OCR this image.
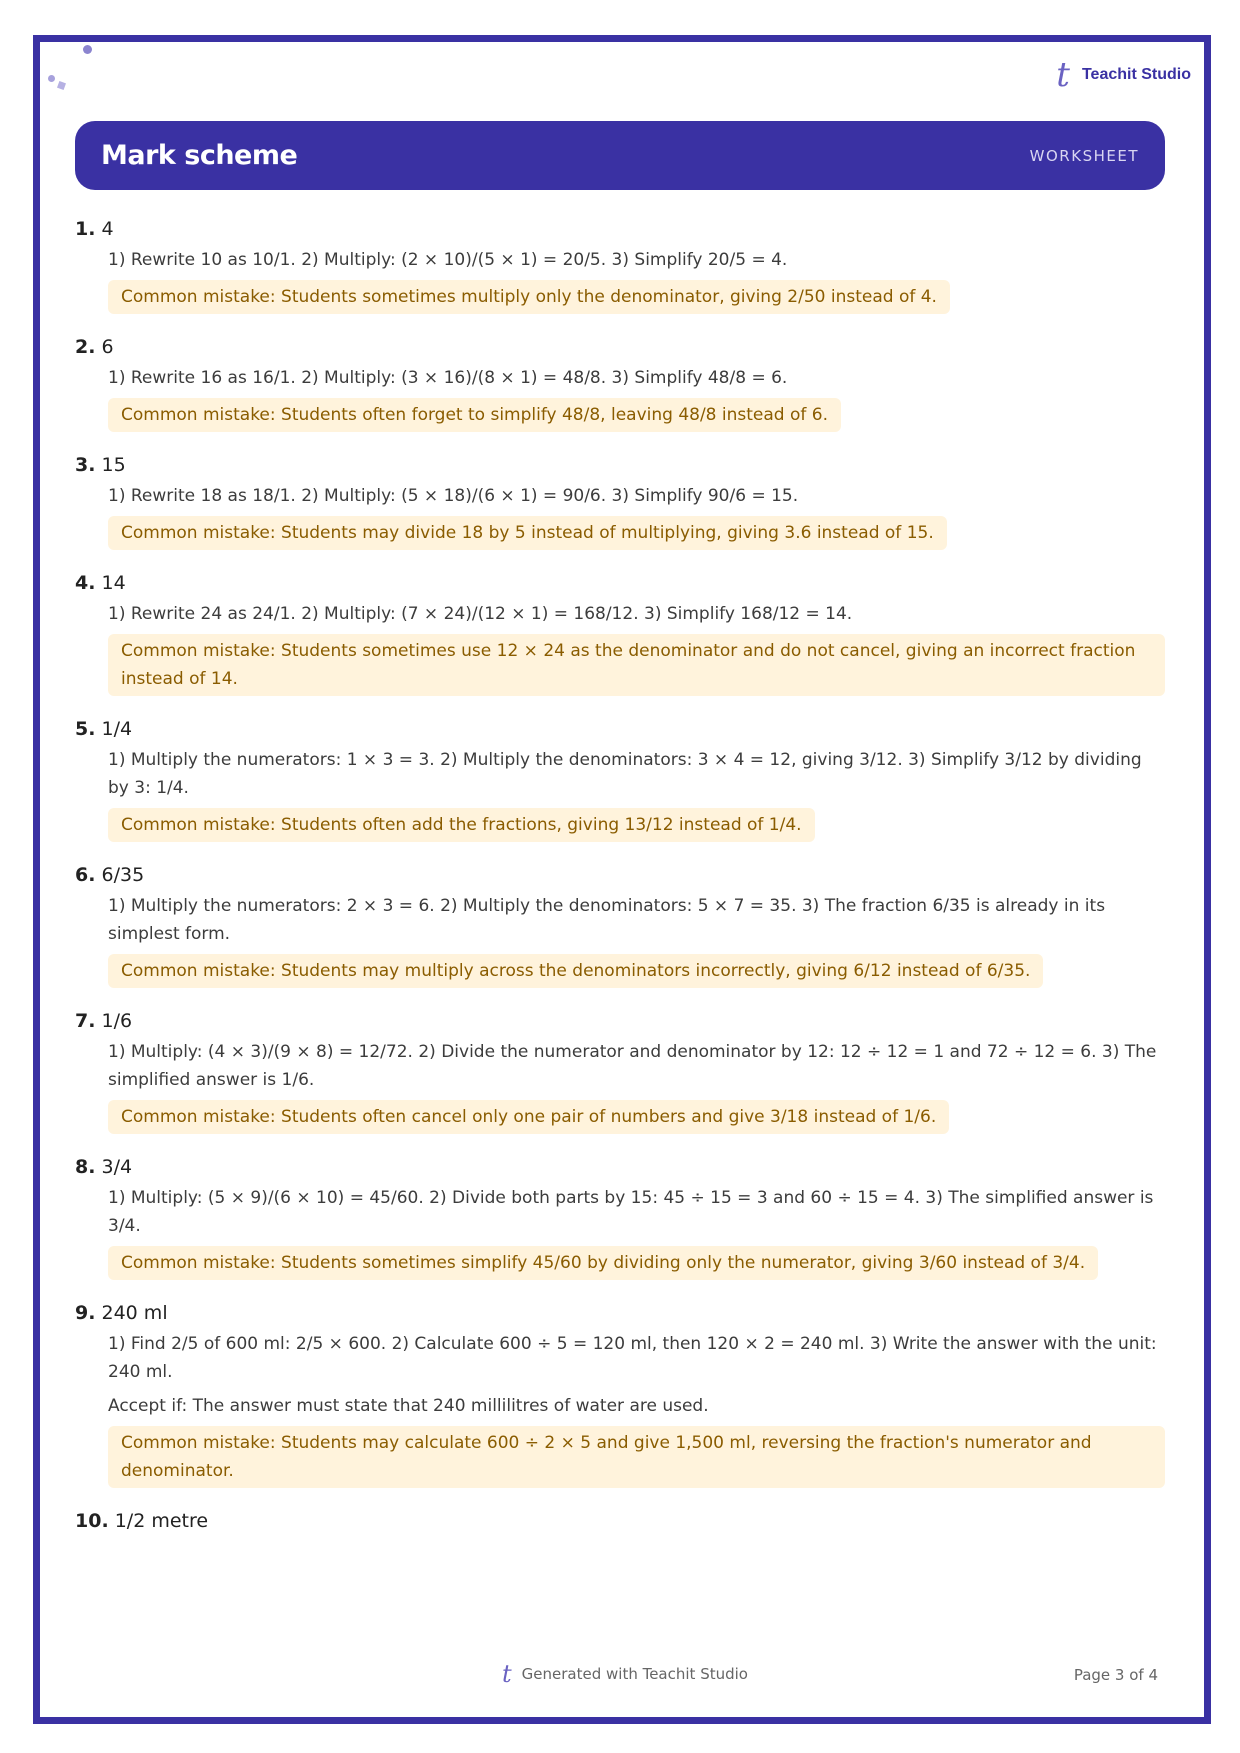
t Teachit Studio
Mark scheme	WORKSHEET
1. 4

1) Rewrite 10 as 10/1. 2) Multiply: (2 × 10)/(5 × 1) = 20/5. 3) Simplify 20/5 = 4.

Common mistake: Students sometimes multiply only the denominator, giving 2/50 instead of 4.
2. 6

1) Rewrite 16 as 16/1. 2) Multiply: (3 × 16)/(8 × 1) = 48/8. 3) Simplify 48/8 = 6.

Common mistake: Students often forget to simplify 48/8, leaving 48/8 instead of 6.
3. 15

1) Rewrite 18 as 18/1. 2) Multiply: (5 × 18)/(6 × 1) = 90/6. 3) Simplify 90/6 = 15.

Common mistake: Students may divide 18 by 5 instead of multiplying, giving 3.6 instead of 15.
4. 14

1) Rewrite 24 as 24/1. 2) Multiply: (7 × 24)/(12 × 1) = 168/12. 3) Simplify 168/12 = 14.

Common mistake: Students sometimes use 12 × 24 as the denominator and do not cancel, giving an incorrect fraction instead of 14.
5. 1/4

1) Multiply the numerators: 1 × 3 = 3. 2) Multiply the denominators: 3 × 4 = 12, giving 3/12. 3) Simplify 3/12 by dividing by 3: 1/4.

Common mistake: Students often add the fractions, giving 13/12 instead of 1/4.
6. 6/35

1) Multiply the numerators: 2 × 3 = 6. 2) Multiply the denominators: 5 × 7 = 35. 3) The fraction 6/35 is already in its simplest form.

Common mistake: Students may multiply across the denominators incorrectly, giving 6/12 instead of 6/35.
7. 1/6

1) Multiply: (4 × 3)/(9 × 8) = 12/72. 2) Divide the numerator and denominator by 12: 12 ÷ 12 = 1 and 72 ÷ 12 = 6. 3) The simplified answer is 1/6.

Common mistake: Students often cancel only one pair of numbers and give 3/18 instead of 1/6.
8. 3/4

1) Multiply: (5 × 9)/(6 × 10) = 45/60. 2) Divide both parts by 15: 45 ÷ 15 = 3 and 60 ÷ 15 = 4. 3) The simplified answer is 3/4.

Common mistake: Students sometimes simplify 45/60 by dividing only the numerator, giving 3/60 instead of 3/4.
9. 240 ml

1) Find 2/5 of 600 ml: 2/5 × 600. 2) Calculate 600 ÷ 5 = 120 ml, then 120 × 2 = 240 ml. 3) Write the answer with the unit: 240 ml.

Accept if: The answer must state that 240 millilitres of water are used.

Common mistake: Students may calculate 600 ÷ 2 × 5 and give 1,500 ml, reversing the fraction's numerator and denominator.
10. 1/2 metre
t Generated with Teachit Studio	Page 3 of 4
